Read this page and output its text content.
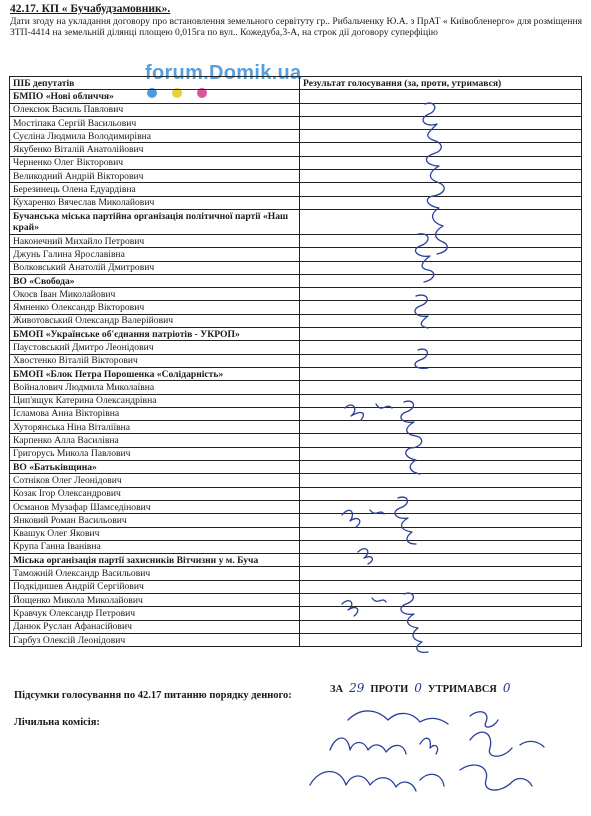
42.17. КП « Бучабудзамовник».

Дати згоду на укладання договору про встановлення земельного сервітуту гр.. Рибальченку Ю.А. з ПрАТ « Київобленерго» для розміщення ЗТП-4414 на земельній ділянці площею 0,015га по вул.. Кожедуба,3-А, на строк дії договору суперфіцію
forum.Domik.ua
ПІБ депутатів	Результат голосування (за, проти, утримався)
БМПО «Нові обличчя»	
Олексюк Василь Павлович	
Мостіпака Сергій Васильович	
Суєліна Людмила Володимирівна	
Якубенко Віталій Анатолійович	
Черненко Олег Вікторович	
Великодний Андрій Вікторович	
Березинець Олена Едуардівна	
Кухаренко Вячеслав Миколайович	
Бучанська міська партійна організація політичної партії «Наш край»	
Наконечний Михайло Петрович	
Джунь Галина Ярославівна	
Волковський Анатолій Дмитрович	
ВО «Свобода»	
Окоєв Іван Миколайович	
Ямненко Олександр Вікторович	
Животовський Олександр Валерійович	
БМОП «Українське об'єднання патріотів - УКРОП»	
Паустовський Дмитро Леонідович	
Хвостенко Віталій Вікторович	
БМОП «Блок Петра Порошенка «Солідарність»	
Войналович Людмила Миколаївна	
Цип'ящук Катерина Олександрівна	
Ісламова Анна Вікторівна	
Хуторянська Ніна Віталіївна	
Карпенко Алла Василівна	
Григорусь Микола Павлович	
ВО «Батьківщина»	
Сотніков Олег Леонідович	
Козак Ігор Олександрович	
Османов Музафар Шамседінович	
Янковий Роман Васильович	
Квашук Олег Якович	
Крупа Ганна Іванівна	
Міська організація партії захисників Вітчизни у м. Буча	
Таможній Олександр Васильович	
Подкідишев Андрій Сергійович	
Йощенко Микола Миколайович	
Кравчук Олександр Петрович	
Данюк Руслан Афанасійович	
Гарбуз Олексій Леонідович	
Підсумки голосування по 42.17 питанню порядку денного:
ЗА 29 ПРОТИ 0 УТРИМАВСЯ 0
Лічильна комісія:
